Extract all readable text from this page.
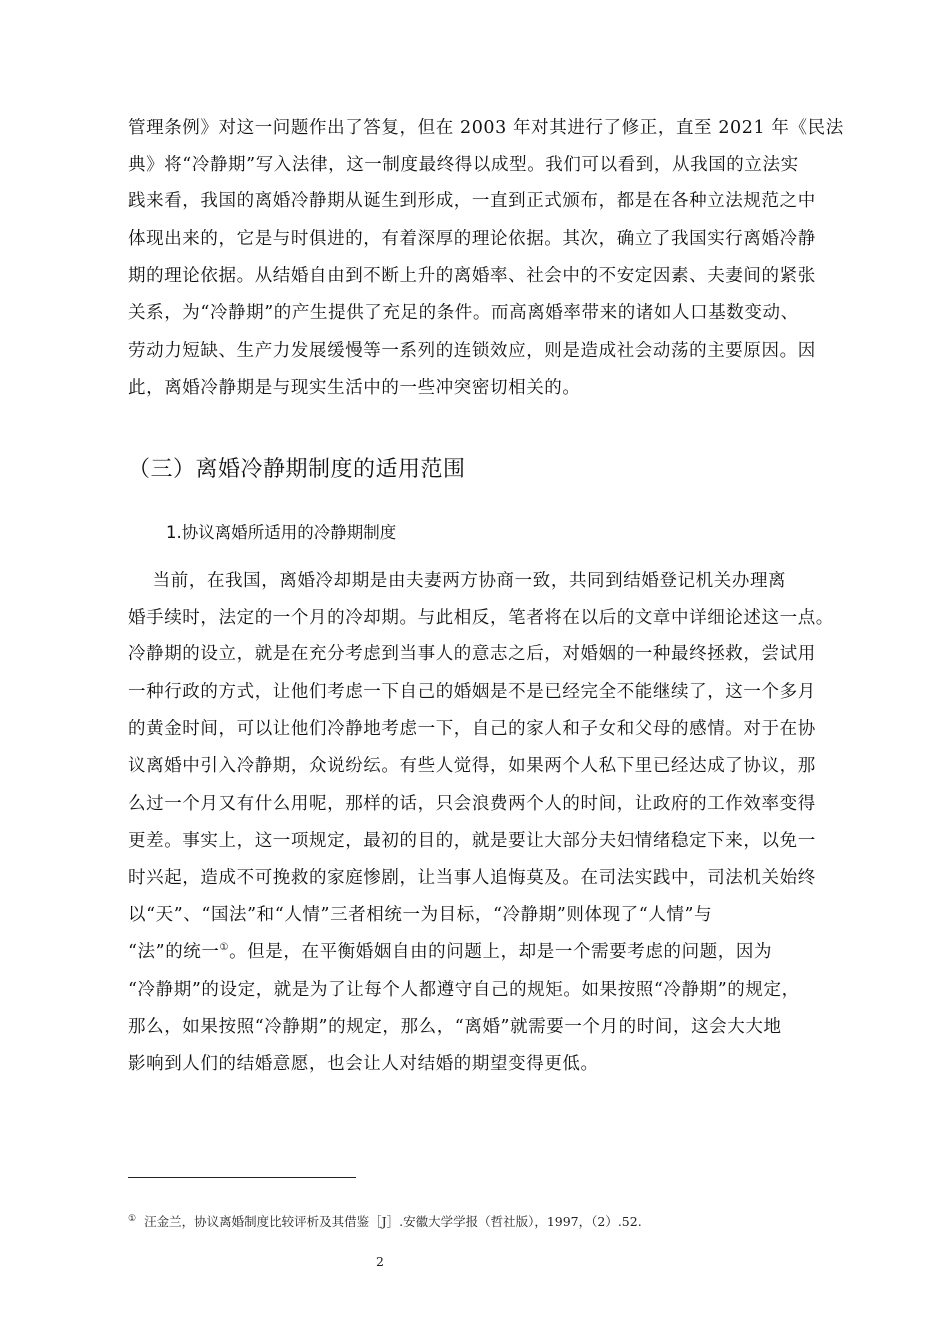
管理条例》对这一问题作出了答复，但在 2003 年对其进行了修正，直至 2021 年《民法
典》将“冷静期”写入法律，这一制度最终得以成型。我们可以看到，从我国的立法实
践来看，我国的离婚冷静期从诞生到形成，一直到正式颁布，都是在各种立法规范之中
体现出来的，它是与时俱进的，有着深厚的理论依据。其次，确立了我国实行离婚冷静
期的理论依据。从结婚自由到不断上升的离婚率、社会中的不安定因素、夫妻间的紧张
关系，为“冷静期”的产生提供了充足的条件。而高离婚率带来的诸如人口基数变动、
劳动力短缺、生产力发展缓慢等一系列的连锁效应，则是造成社会动荡的主要原因。因
此，离婚冷静期是与现实生活中的一些冲突密切相关的。
（三）离婚冷静期制度的适用范围
1.协议离婚所适用的冷静期制度
当前，在我国，离婚冷却期是由夫妻两方协商一致，共同到结婚登记机关办理离
婚手续时，法定的一个月的冷却期。与此相反，笔者将在以后的文章中详细论述这一点。
冷静期的设立，就是在充分考虑到当事人的意志之后，对婚姻的一种最终拯救，尝试用
一种行政的方式，让他们考虑一下自己的婚姻是不是已经完全不能继续了，这一个多月
的黄金时间，可以让他们冷静地考虑一下，自己的家人和子女和父母的感情。对于在协
议离婚中引入冷静期，众说纷纭。有些人觉得，如果两个人私下里已经达成了协议，那
么过一个月又有什么用呢，那样的话，只会浪费两个人的时间，让政府的工作效率变得
更差。事实上，这一项规定，最初的目的，就是要让大部分夫妇情绪稳定下来，以免一
时兴起，造成不可挽救的家庭惨剧，让当事人追悔莫及。在司法实践中，司法机关始终
以“天”、“国法”和“人情”三者相统一为目标，“冷静期”则体现了“人情”与
“法”的统一①。但是，在平衡婚姻自由的问题上，却是一个需要考虑的问题，因为
“冷静期”的设定，就是为了让每个人都遵守自己的规矩。如果按照“冷静期”的规定，
那么，如果按照“冷静期”的规定，那么，“离婚”就需要一个月的时间，这会大大地
影响到人们的结婚意愿，也会让人对结婚的期望变得更低。
① 汪金兰，协议离婚制度比较评析及其借鉴［J］.安徽大学学报（哲社版），1997，（2）.52.
2
